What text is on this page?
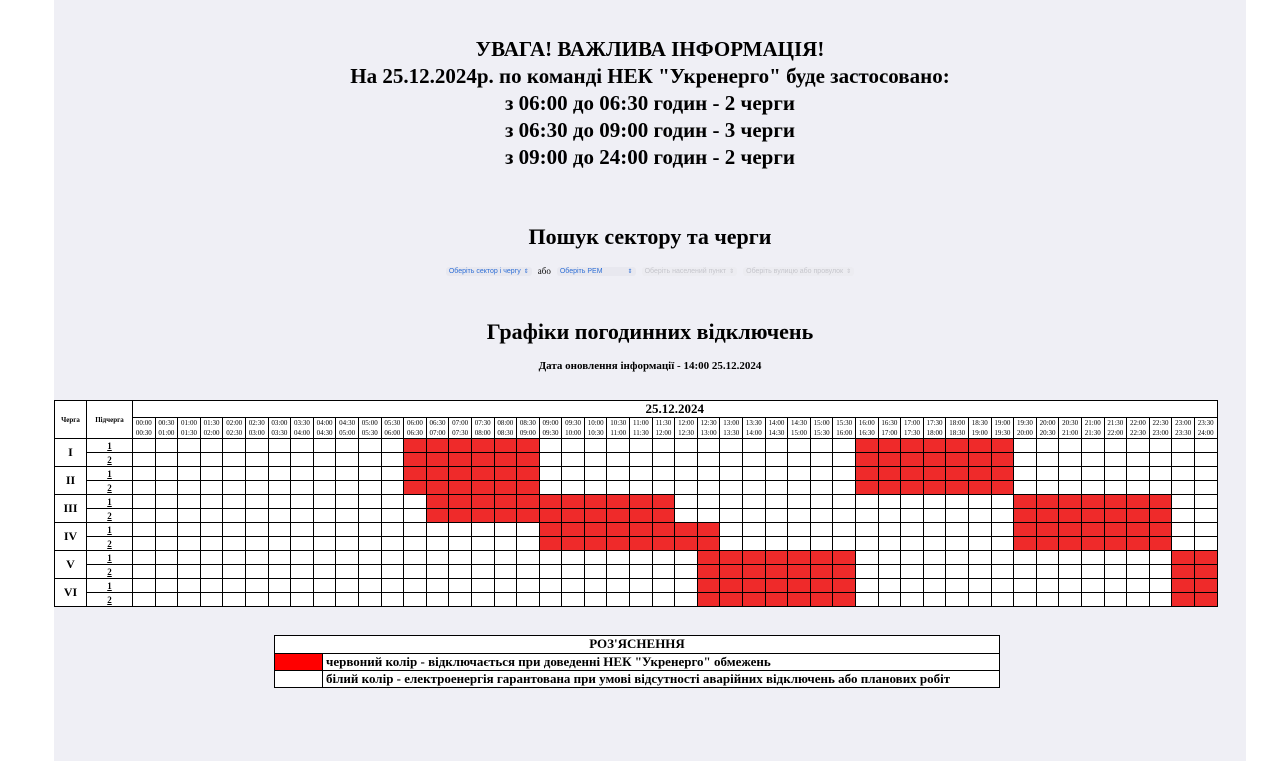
УВАГА! ВАЖЛИВА ІНФОРМАЦІЯ!
На 25.12.2024р. по команді НЕК "Укренерго" буде застосовано:
з 06:00 до 06:30 годин - 2 черги
з 06:30 до 09:00 годин - 3 черги
з 09:00 до 24:00 годин - 2 черги
Пошук сектору та черги
Оберіть сектор і чергу ⇕ або Оберіть РЕМ	⇕ Оберіть населений пункт ⇕ Оберіть вулицю або провулок ⇕
Графіки погодинних відключень
Дата оновлення інформації - 14:00 25.12.2024
Черга	Підчерга	25.12.2024																																															
		00:00	00:30	01:00	01:30	02:00	02:30	03:00	03:30	04:00	04:30	05:00	05:30	06:00	06:30	07:00	07:30	08:00	08:30	09:00	09:30	10:00	10:30	11:00	11:30	12:00	12:30	13:00	13:30	14:00	14:30	15:00	15:30	16:00	16:30	17:00	17:30	18:00	18:30	19:00	19:30	20:00	20:30	21:00	21:30	22:00	22:30	23:00	23:30
		00:30	01:00	01:30	02:00	02:30	03:00	03:30	04:00	04:30	05:00	05:30	06:00	06:30	07:00	07:30	08:00	08:30	09:00	09:30	10:00	10:30	11:00	11:30	12:00	12:30	13:00	13:30	14:00	14:30	15:00	15:30	16:00	16:30	17:00	17:30	18:00	18:30	19:00	19:30	20:00	20:30	21:00	21:30	22:00	22:30	23:00	23:30	24:00
I	1																																																
	2																																																
II	1																																																
	2																																																
III	1																																																
	2																																																
IV	1																																																
	2																																																
V	1																																																
	2																																																
VI	1																																																
	2																																																
РОЗ'ЯСНЕННЯ	
	червоний колір - відключається при доведенні НЕК "Укренерго" обмежень
	білий колір - електроенергія гарантована при умові відсутності аварійних відключень або планових робіт
